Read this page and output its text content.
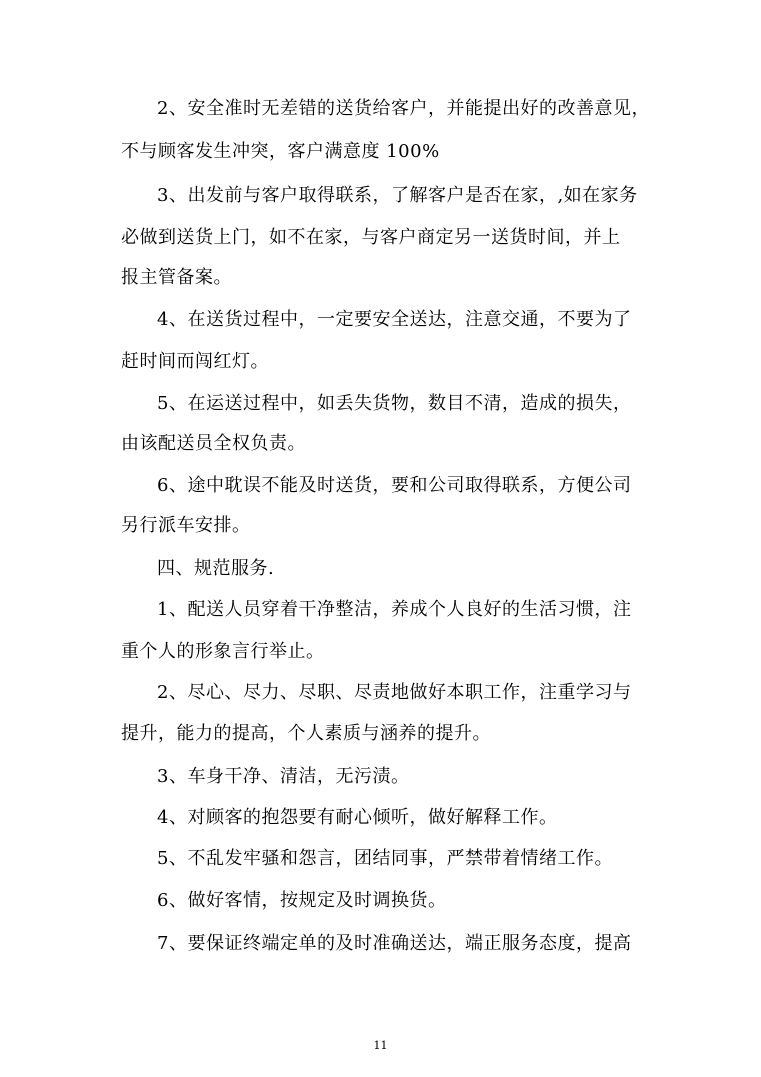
2、安全准时无差错的送货给客户，并能提出好的改善意见，
不与顾客发生冲突，客户满意度 100%
3、出发前与客户取得联系，了解客户是否在家，,如在家务
必做到送货上门，如不在家，与客户商定另一送货时间，并上
报主管备案。
4、在送货过程中，一定要安全送达，注意交通，不要为了
赶时间而闯红灯。
5、在运送过程中，如丢失货物，数目不清，造成的损失，
由该配送员全权负责。
6、途中耽误不能及时送货，要和公司取得联系，方便公司
另行派车安排。
四、规范服务.
1、配送人员穿着干净整洁，养成个人良好的生活习惯，注
重个人的形象言行举止。
2、尽心、尽力、尽职、尽责地做好本职工作，注重学习与
提升，能力的提高，个人素质与涵养的提升。
3、车身干净、清洁，无污渍。
4、对顾客的抱怨要有耐心倾听，做好解释工作。
5、不乱发牢骚和怨言，团结同事，严禁带着情绪工作。
6、做好客情，按规定及时调换货。
7、要保证终端定单的及时准确送达，端正服务态度，提高
11
